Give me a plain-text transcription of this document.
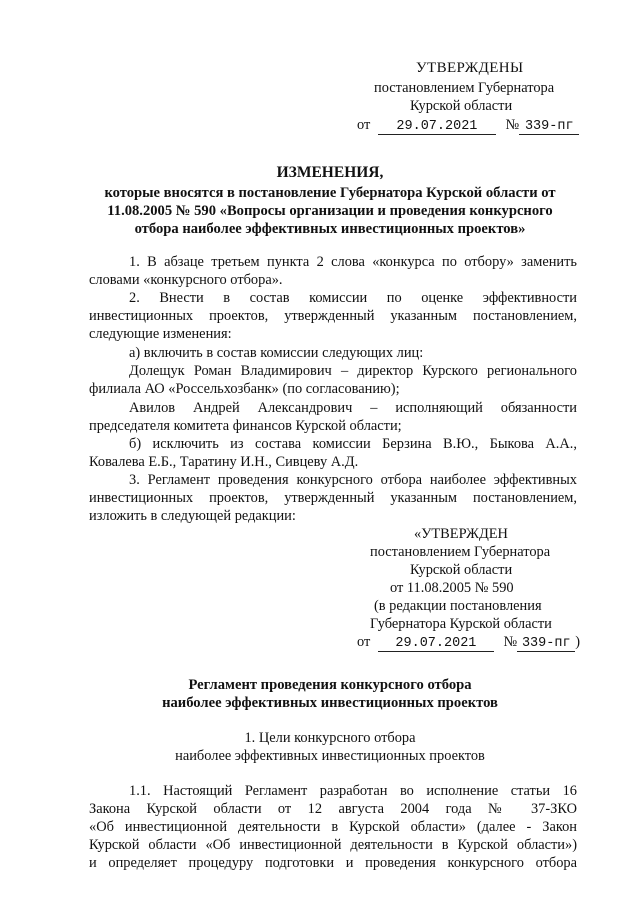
УТВЕРЖДЕНЫ
постановлением Губернатора
Курской области
от 29.07.2021 № 339-пг
ИЗМЕНЕНИЯ,
которые вносятся в постановление Губернатора Курской области от
11.08.2005 № 590 «Вопросы организации и проведения конкурсного
отбора наиболее эффективных инвестиционных проектов»
1. В абзаце третьем пункта 2 слова «конкурса по отбору» заменить
словами «конкурсного отбора».
2. Внести в состав комиссии по оценке эффективности
инвестиционных проектов, утвержденный указанным постановлением,
следующие изменения:
а) включить в состав комиссии следующих лиц:
Долещук Роман Владимирович – директор Курского регионального
филиала АО «Россельхозбанк» (по согласованию);
Авилов Андрей Александрович – исполняющий обязанности
председателя комитета финансов Курской области;
б) исключить из состава комиссии Берзина В.Ю., Быкова А.А.,
Ковалева Е.Б., Таратину И.Н., Сивцеву А.Д.
3. Регламент проведения конкурсного отбора наиболее эффективных
инвестиционных проектов, утвержденный указанным постановлением,
изложить в следующей редакции:
«УТВЕРЖДЕН
постановлением Губернатора
Курской области
от 11.08.2005 № 590
(в редакции постановления
Губернатора Курской области
от 29.07.2021 № 339-пг )
Регламент проведения конкурсного отбора
наиболее эффективных инвестиционных проектов
1. Цели конкурсного отбора
наиболее эффективных инвестиционных проектов
1.1. Настоящий Регламент разработан во исполнение статьи 16
Закона Курской области от 12 августа 2004 года № 37-ЗКО
«Об инвестиционной деятельности в Курской области» (далее - Закон
Курской области «Об инвестиционной деятельности в Курской области»)
и определяет процедуру подготовки и проведения конкурсного отбора
